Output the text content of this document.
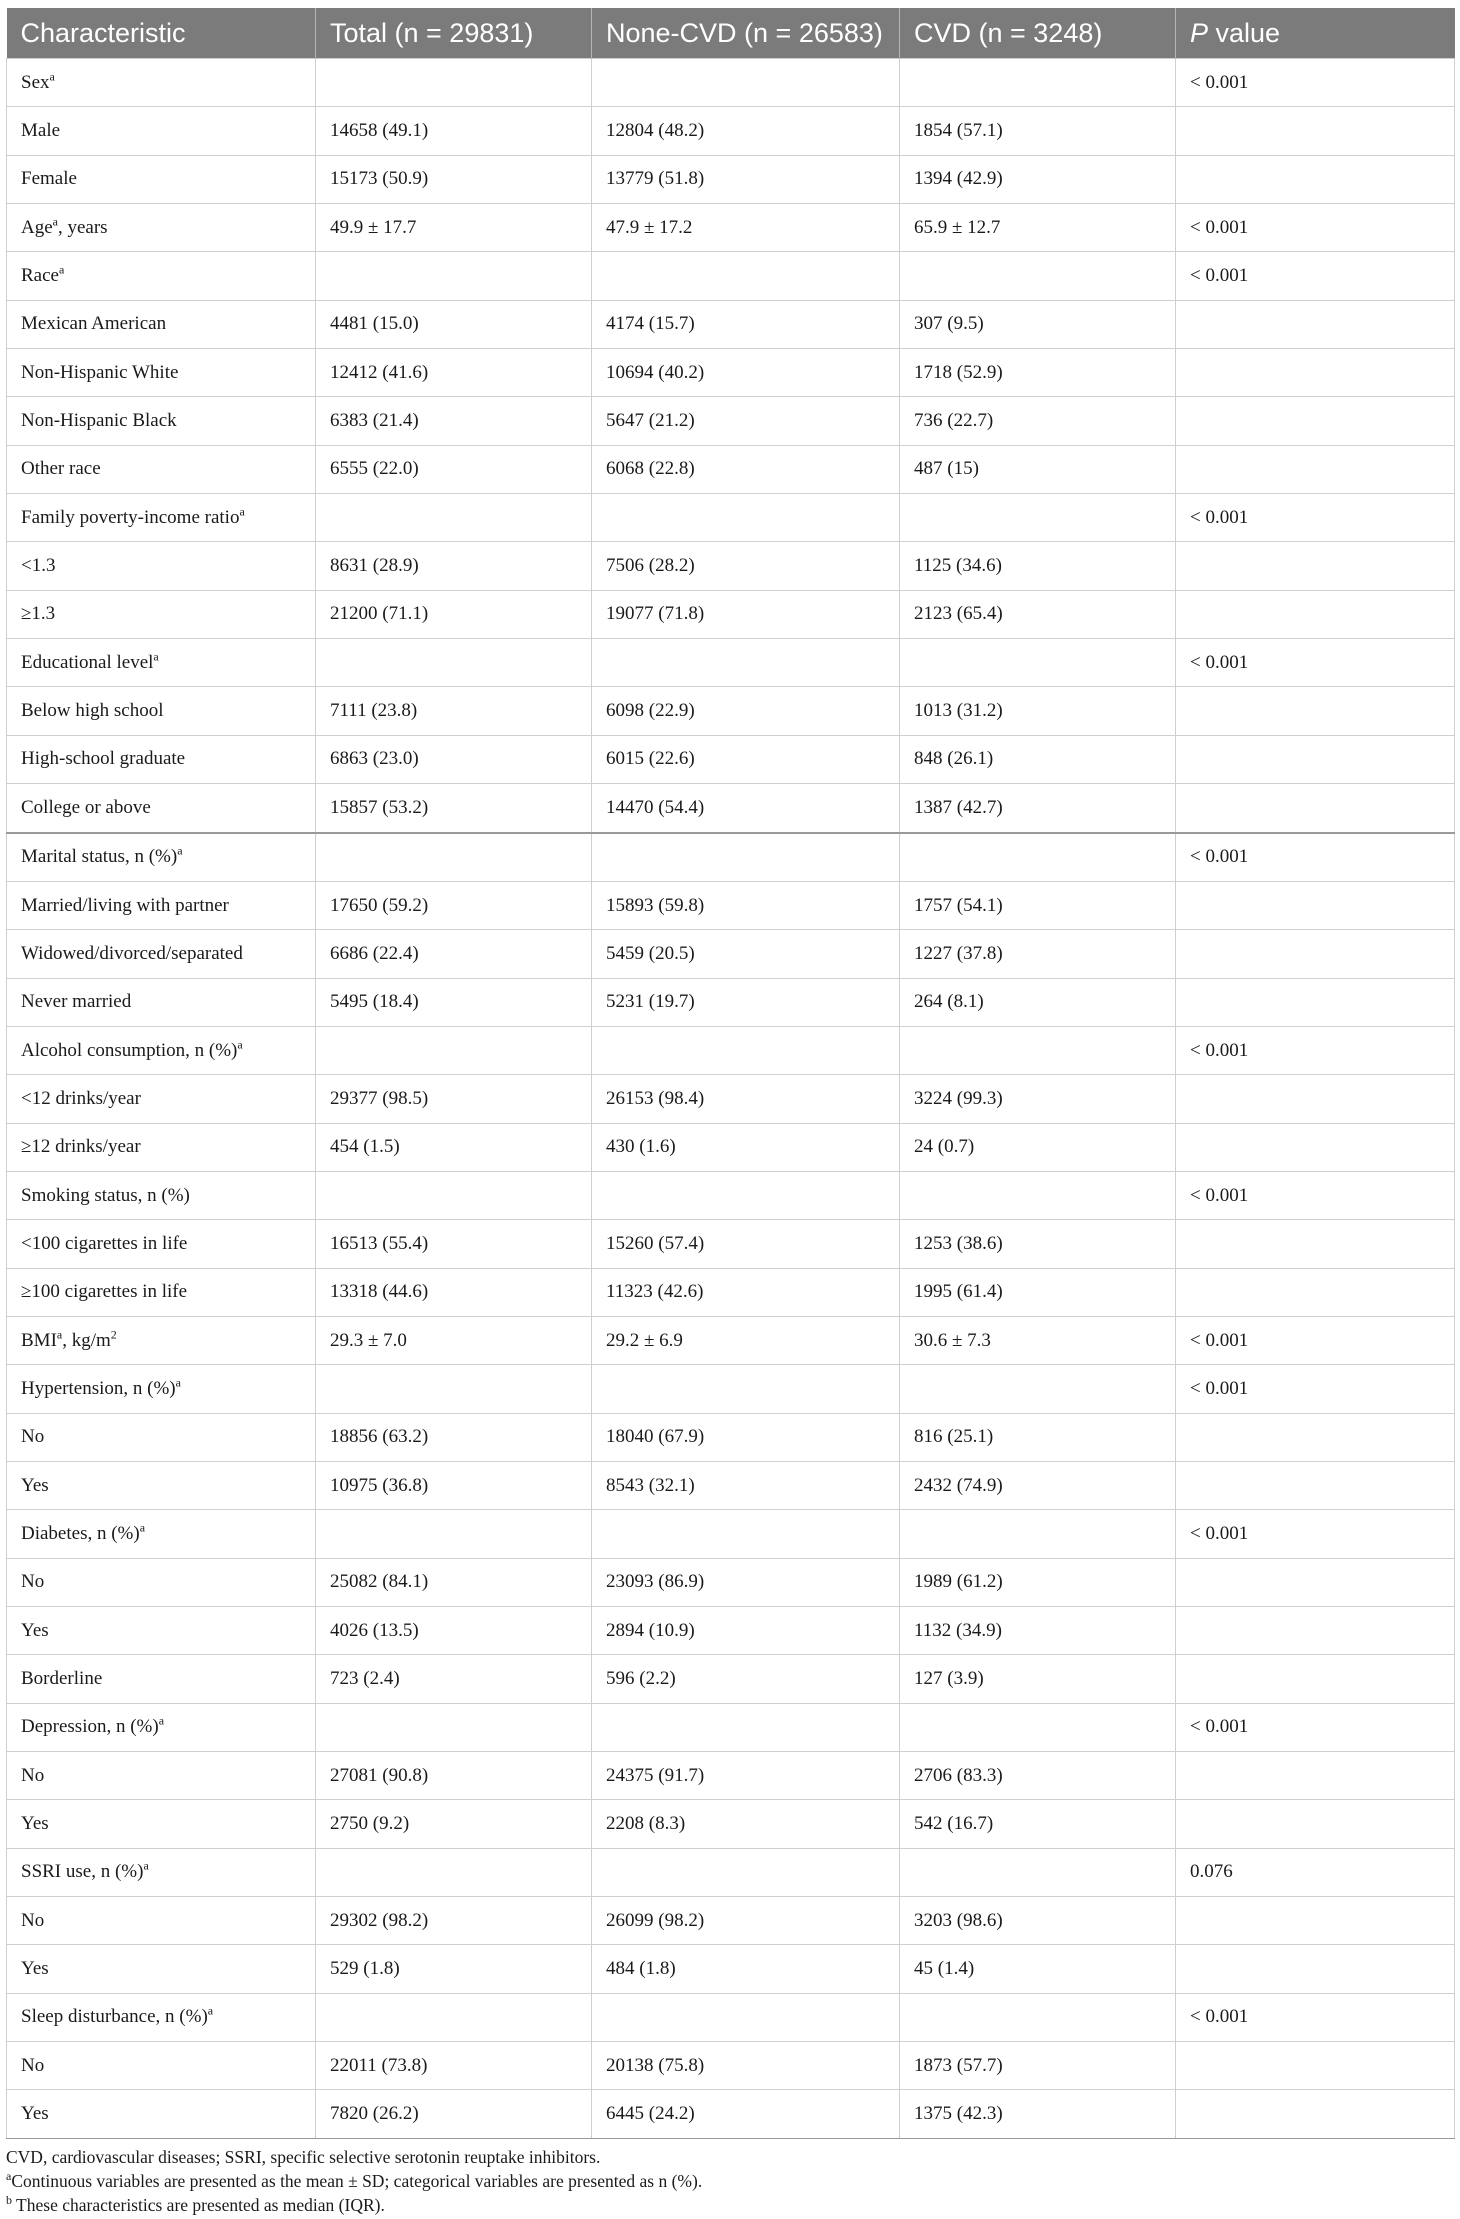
Characteristic	Total (n = 29831)	None-CVD (n = 26583)	CVD (n = 3248)	P value
Sex$^a$				< 0.001
Male	14658 (49.1)	12804 (48.2)	1854 (57.1)	
Female	15173 (50.9)	13779 (51.8)	1394 (42.9)	
Age$^a$, years	49.9 ± 17.7	47.9 ± 17.2	65.9 ± 12.7	< 0.001
Race$^a$				< 0.001
Mexican American	4481 (15.0)	4174 (15.7)	307 (9.5)	
Non-Hispanic White	12412 (41.6)	10694 (40.2)	1718 (52.9)	
Non-Hispanic Black	6383 (21.4)	5647 (21.2)	736 (22.7)	
Other race	6555 (22.0)	6068 (22.8)	487 (15)	
Family poverty-income ratio$^a$				< 0.001
<1.3	8631 (28.9)	7506 (28.2)	1125 (34.6)	
≥1.3	21200 (71.1)	19077 (71.8)	2123 (65.4)	
Educational level$^a$				< 0.001
Below high school	7111 (23.8)	6098 (22.9)	1013 (31.2)	
High-school graduate	6863 (23.0)	6015 (22.6)	848 (26.1)	
College or above	15857 (53.2)	14470 (54.4)	1387 (42.7)	
Marital status, n (%)$^a$				< 0.001
Married/living with partner	17650 (59.2)	15893 (59.8)	1757 (54.1)	
Widowed/divorced/separated	6686 (22.4)	5459 (20.5)	1227 (37.8)	
Never married	5495 (18.4)	5231 (19.7)	264 (8.1)	
Alcohol consumption, n (%)$^a$				< 0.001
<12 drinks/year	29377 (98.5)	26153 (98.4)	3224 (99.3)	
≥12 drinks/year	454 (1.5)	430 (1.6)	24 (0.7)	
Smoking status, n (%)				< 0.001
<100 cigarettes in life	16513 (55.4)	15260 (57.4)	1253 (38.6)	
≥100 cigarettes in life	13318 (44.6)	11323 (42.6)	1995 (61.4)	
BMI$^a$, $kg/m^2$	29.3 ± 7.0	29.2 ± 6.9	30.6 ± 7.3	< 0.001
Hypertension, n (%)$^a$				< 0.001
No	18856 (63.2)	18040 (67.9)	816 (25.1)	
Yes	10975 (36.8)	8543 (32.1)	2432 (74.9)	
Diabetes, n (%)$^a$				< 0.001
No	25082 (84.1)	23093 (86.9)	1989 (61.2)	
Yes	4026 (13.5)	2894 (10.9)	1132 (34.9)	
Borderline	723 (2.4)	596 (2.2)	127 (3.9)	
Depression, n (%)$^a$				< 0.001
No	27081 (90.8)	24375 (91.7)	2706 (83.3)	
Yes	2750 (9.2)	2208 (8.3)	542 (16.7)	
SSRI use, n (%)$^a$				0.076
No	29302 (98.2)	26099 (98.2)	3203 (98.6)	
Yes	529 (1.8)	484 (1.8)	45 (1.4)	
Sleep disturbance, n (%)$^a$				< 0.001
No	22011 (73.8)	20138 (75.8)	1873 (57.7)	
Yes	7820 (26.2)	6445 (24.2)	1375 (42.3)	
CVD, cardiovascular diseases; SSRI, specific selective serotonin reuptake inhibitors.
$^a$Continuous variables are presented as the mean ± SD; categorical variables are presented as n (%).
$^b$ These characteristics are presented as median (IQR).
